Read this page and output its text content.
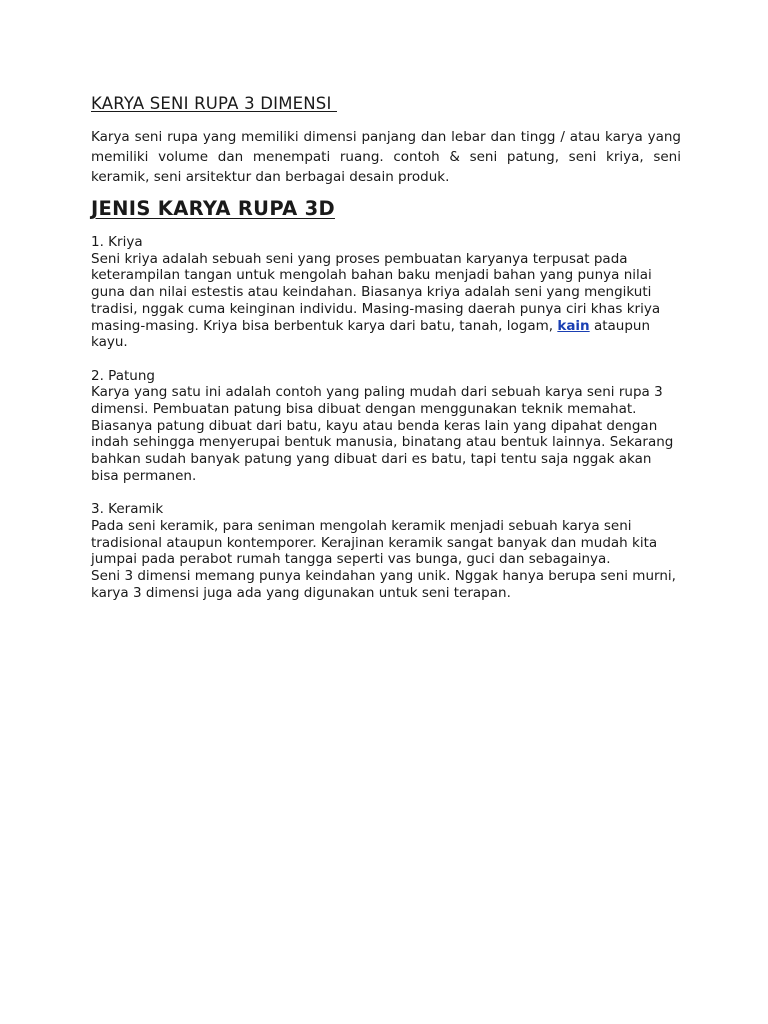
KARYA SENI RUPA 3 DIMENSI

Karya seni rupa yang memiliki dimensi panjang dan lebar dan tingg / atau karya yang memiliki volume dan menempati ruang. contoh & seni patung, seni kriya, seni keramik, seni arsitektur dan berbagai desain produk.

JENIS KARYA RUPA 3D

1. Kriya

Seni kriya adalah sebuah seni yang proses pembuatan karyanya terpusat pada keterampilan tangan untuk mengolah bahan baku menjadi bahan yang punya nilai guna dan nilai estestis atau keindahan. Biasanya kriya adalah seni yang mengikuti tradisi, nggak cuma keinginan individu. Masing-masing daerah punya ciri khas kriya masing-masing. Kriya bisa berbentuk karya dari batu, tanah, logam, kain ataupun kayu.

2. Patung

Karya yang satu ini adalah contoh yang paling mudah dari sebuah karya seni rupa 3 dimensi. Pembuatan patung bisa dibuat dengan menggunakan teknik memahat. Biasanya patung dibuat dari batu, kayu atau benda keras lain yang dipahat dengan indah sehingga menyerupai bentuk manusia, binatang atau bentuk lainnya. Sekarang bahkan sudah banyak patung yang dibuat dari es batu, tapi tentu saja nggak akan bisa permanen.

3. Keramik

Pada seni keramik, para seniman mengolah keramik menjadi sebuah karya seni tradisional ataupun kontemporer. Kerajinan keramik sangat banyak dan mudah kita jumpai pada perabot rumah tangga seperti vas bunga, guci dan sebagainya.

Seni 3 dimensi memang punya keindahan yang unik. Nggak hanya berupa seni murni, karya 3 dimensi juga ada yang digunakan untuk seni terapan.
